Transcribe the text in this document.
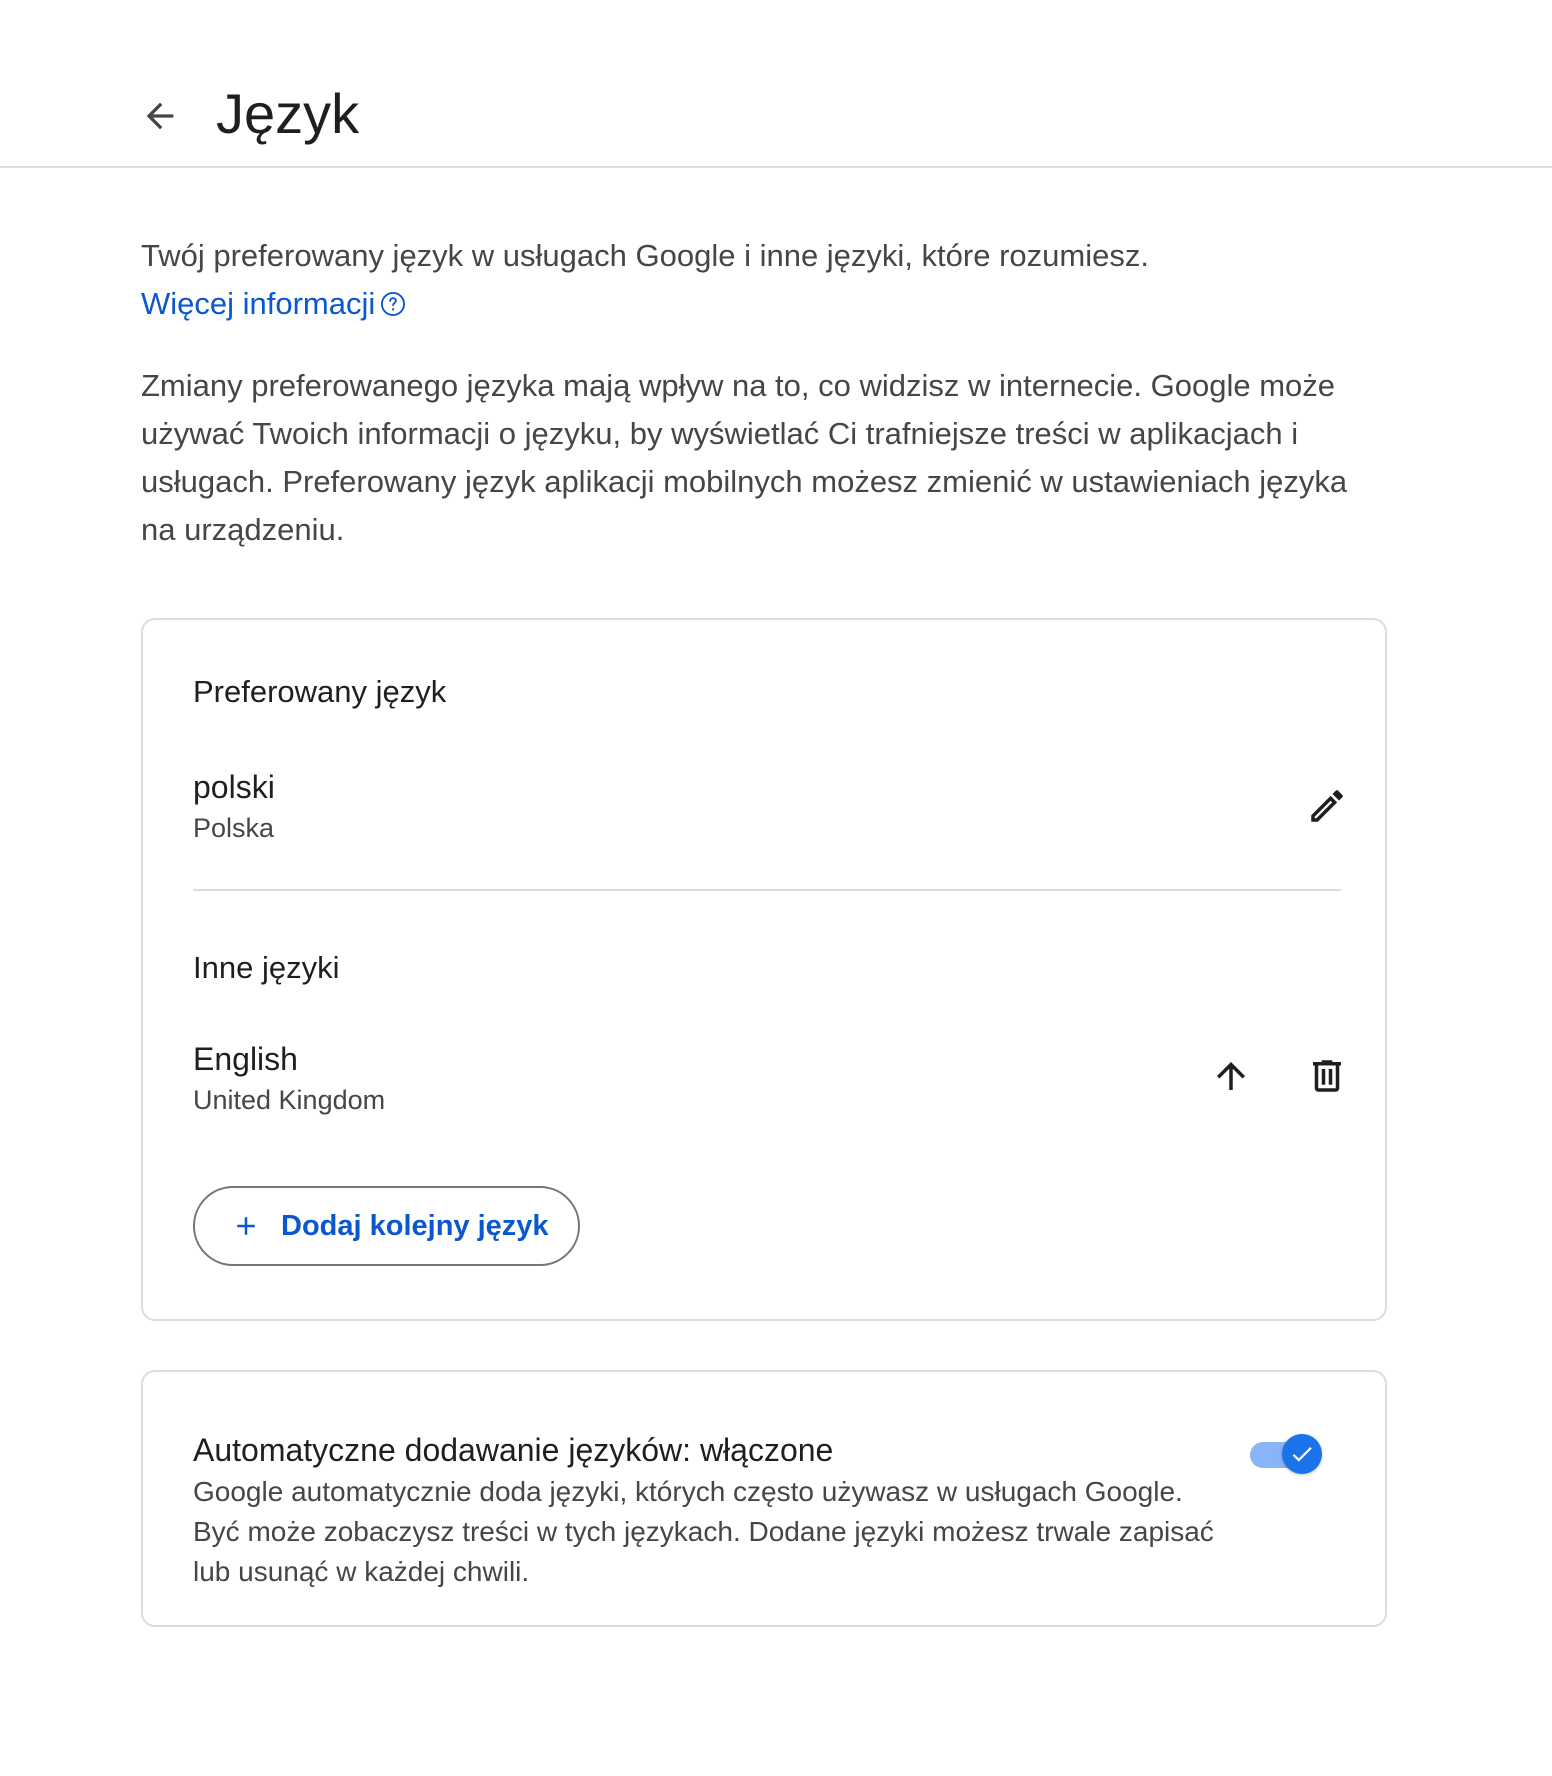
Język

Twój preferowany język w usługach Google i inne języki, które rozumiesz.

Więcej informacji

Zmiany preferowanego języka mają wpływ na to, co widzisz w internecie. Google może używać Twoich informacji o języku, by wyświetlać Ci trafniejsze treści w aplikacjach i usługach. Preferowany język aplikacji mobilnych możesz zmienić w ustawieniach języka na urządzeniu.

Preferowany język
polski
Polska
Inne języki
English
United Kingdom
Dodaj kolejny język
Automatyczne dodawanie języków: włączone

Google automatycznie doda języki, których często używasz w usługach Google. Być może zobaczysz treści w tych językach. Dodane języki możesz trwale zapisać lub usunąć w każdej chwili.
